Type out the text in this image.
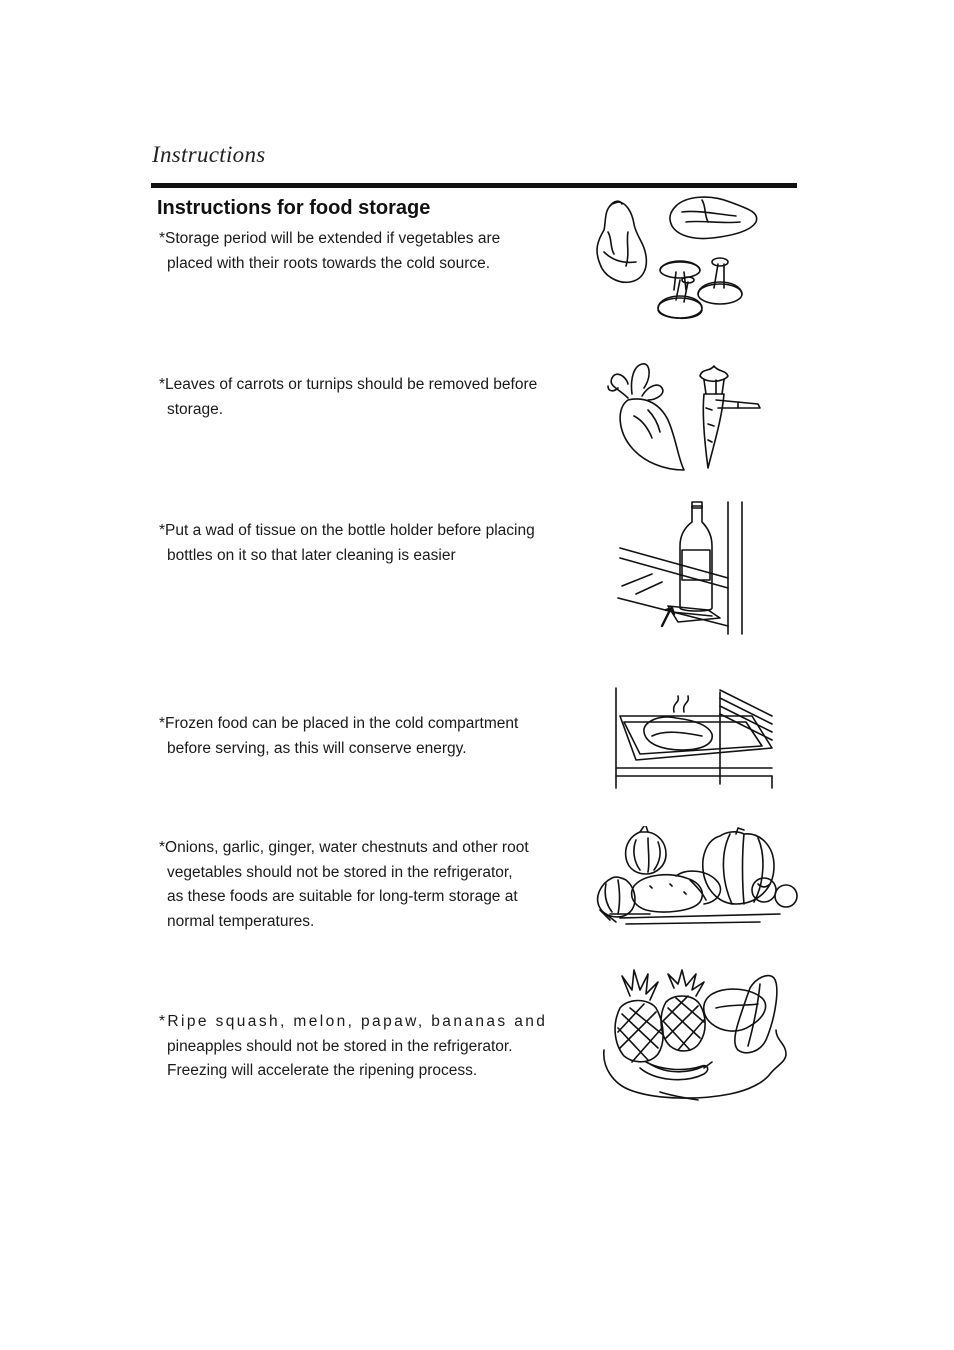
Instructions
Instructions for food storage
*Storage period will be extended if vegetables are
placed with their roots towards the cold source.
*Leaves of carrots or turnips should be removed before
storage.
*Put a wad of tissue on the bottle holder before placing
bottles on it so that later cleaning is easier
*Frozen food can be placed in the cold compartment
before serving, as this will conserve energy.
*Onions, garlic, ginger, water chestnuts and other root
vegetables should not be stored in the refrigerator,
as these foods are suitable for long-term storage at
normal temperatures.
*Ripe squash, melon, papaw, bananas and
pineapples should not be stored in the refrigerator.
Freezing will accelerate the ripening process.
